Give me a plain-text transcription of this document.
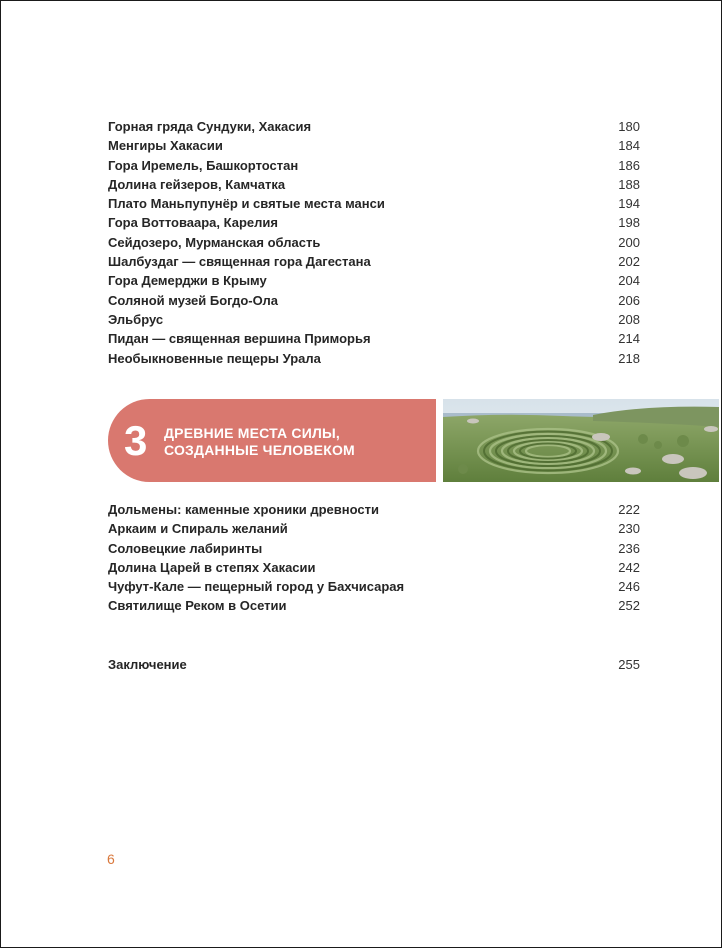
Горная гряда Сундуки, Хакасия	180
Менгиры Хакасии	184
Гора Иремель, Башкортостан	186
Долина гейзеров, Камчатка	188
Плато Маньпупунёр и святые места манси	194
Гора Воттоваара, Карелия	198
Сейдозеро, Мурманская область	200
Шалбуздаг — священная гора Дагестана	202
Гора Демерджи в Крыму	204
Соляной музей Богдо-Ола	206
Эльбрус	208
Пидан — священная вершина Приморья	214
Необыкновенные пещеры Урала	218
3 ДРЕВНИЕ МЕСТА СИЛЫ,
СОЗДАННЫЕ ЧЕЛОВЕКОМ
Дольмены: каменные хроники древности	222
Аркаим и Спираль желаний	230
Соловецкие лабиринты	236
Долина Царей в степях Хакасии	242
Чуфут-Кале — пещерный город у Бахчисарая	246
Святилище Реком в Осетии	252
Заключение	255
6
